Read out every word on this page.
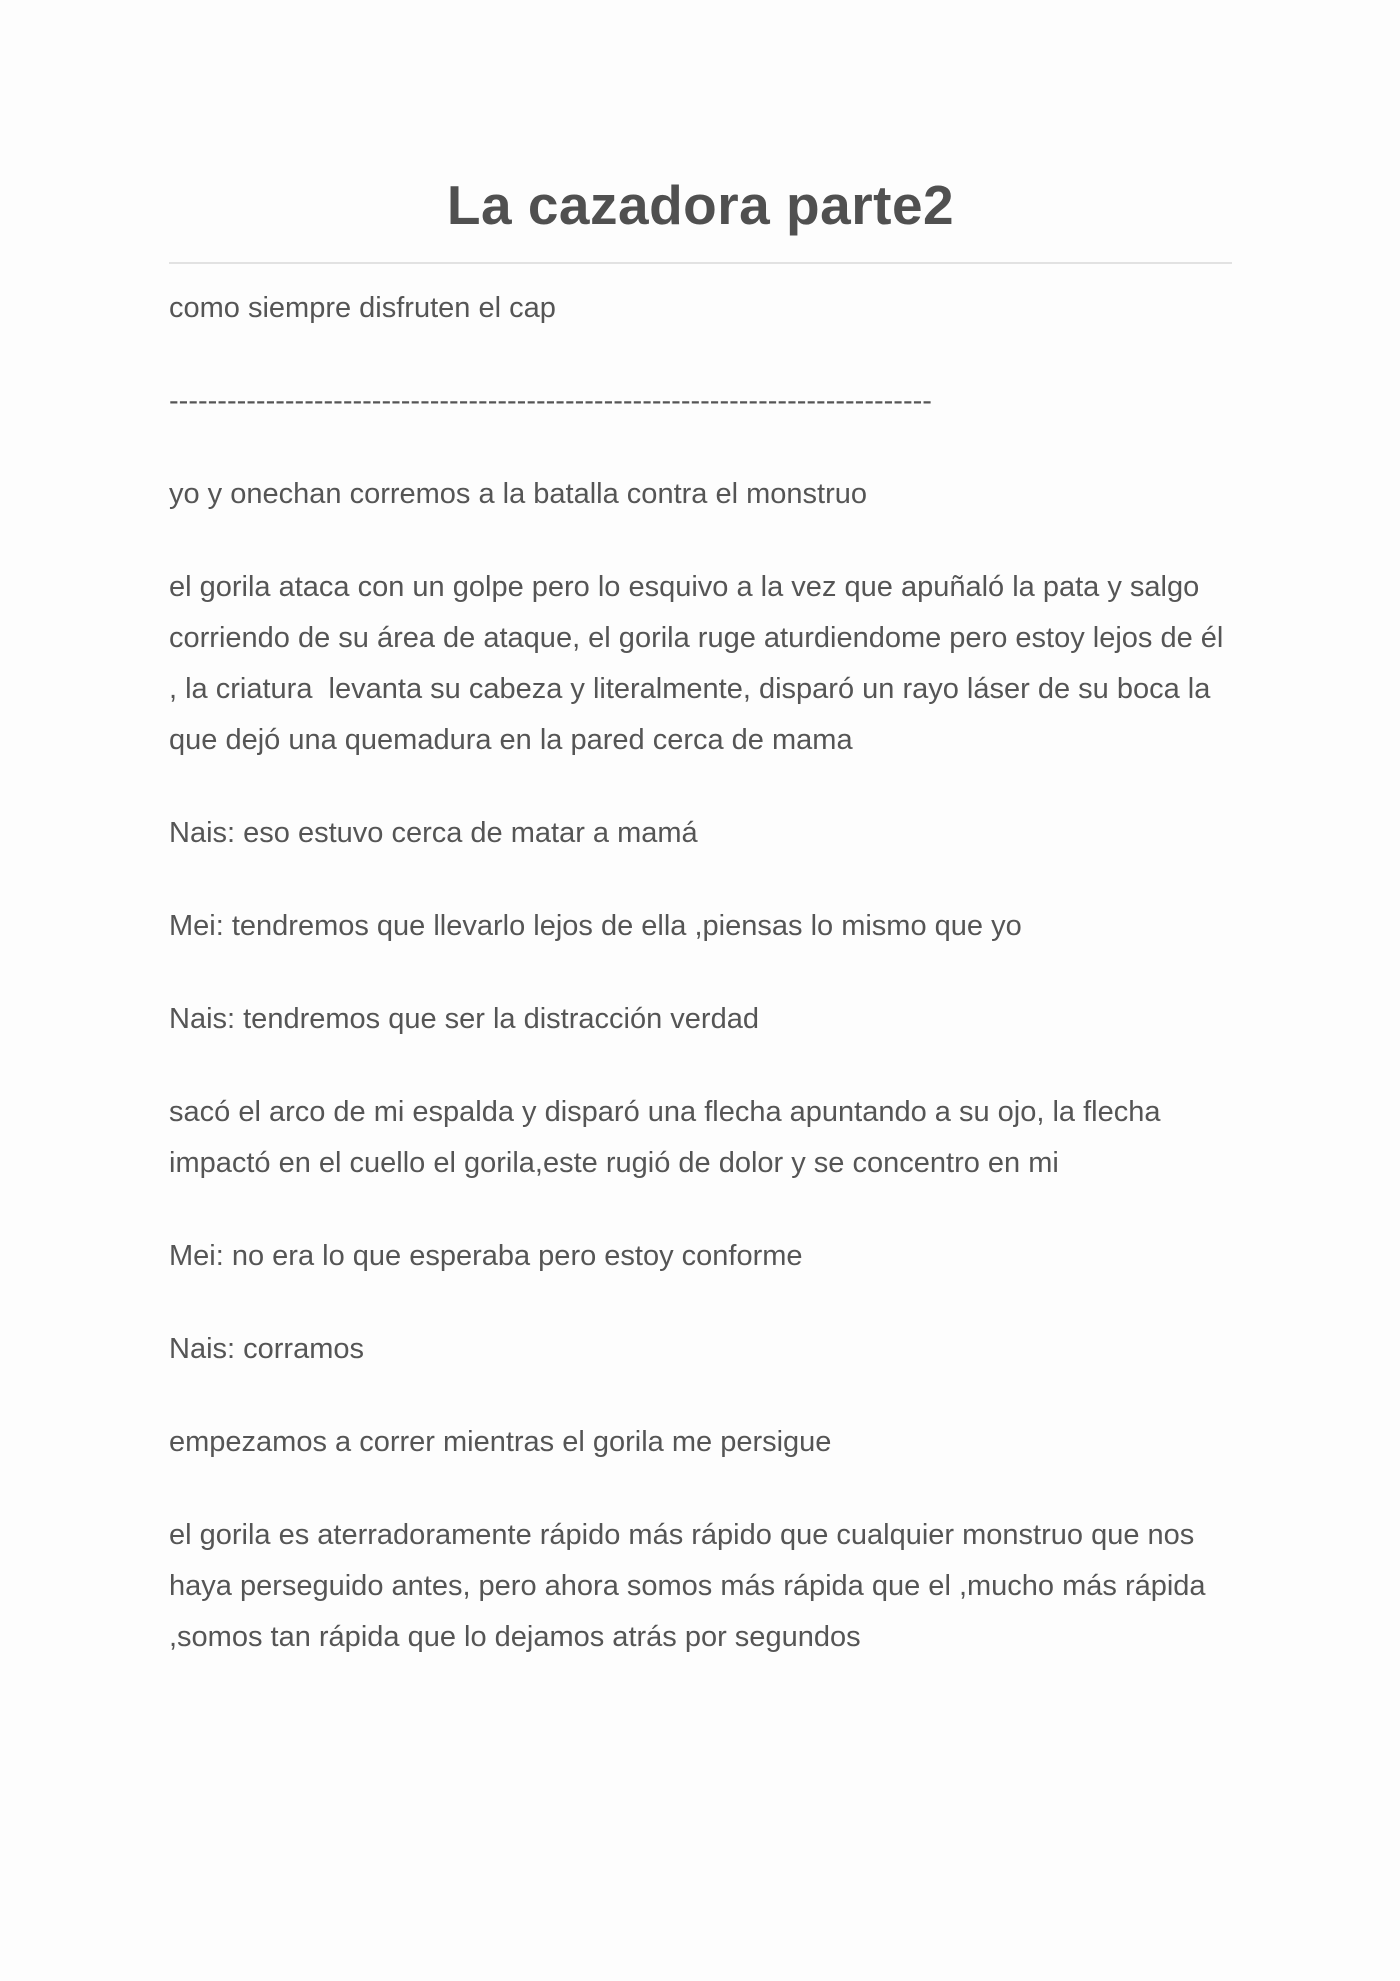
La cazadora parte2

como siempre disfruten el cap

-------------------------------------------------------------------------------

yo y onechan corremos a la batalla contra el monstruo

el gorila ataca con un golpe pero lo esquivo a la vez que apuñaló la pata y salgo corriendo de su área de ataque, el gorila ruge aturdiendome pero estoy lejos de él , la criatura  levanta su cabeza y literalmente, disparó un rayo láser de su boca la que dejó una quemadura en la pared cerca de mama

Nais: eso estuvo cerca de matar a mamá

Mei: tendremos que llevarlo lejos de ella ,piensas lo mismo que yo

Nais: tendremos que ser la distracción verdad

sacó el arco de mi espalda y disparó una flecha apuntando a su ojo, la flecha impactó en el cuello el gorila,este rugió de dolor y se concentro en mi

Mei: no era lo que esperaba pero estoy conforme

Nais: corramos

empezamos a correr mientras el gorila me persigue

el gorila es aterradoramente rápido más rápido que cualquier monstruo que nos haya perseguido antes, pero ahora somos más rápida que el ,mucho más rápida ,somos tan rápida que lo dejamos atrás por segundos
